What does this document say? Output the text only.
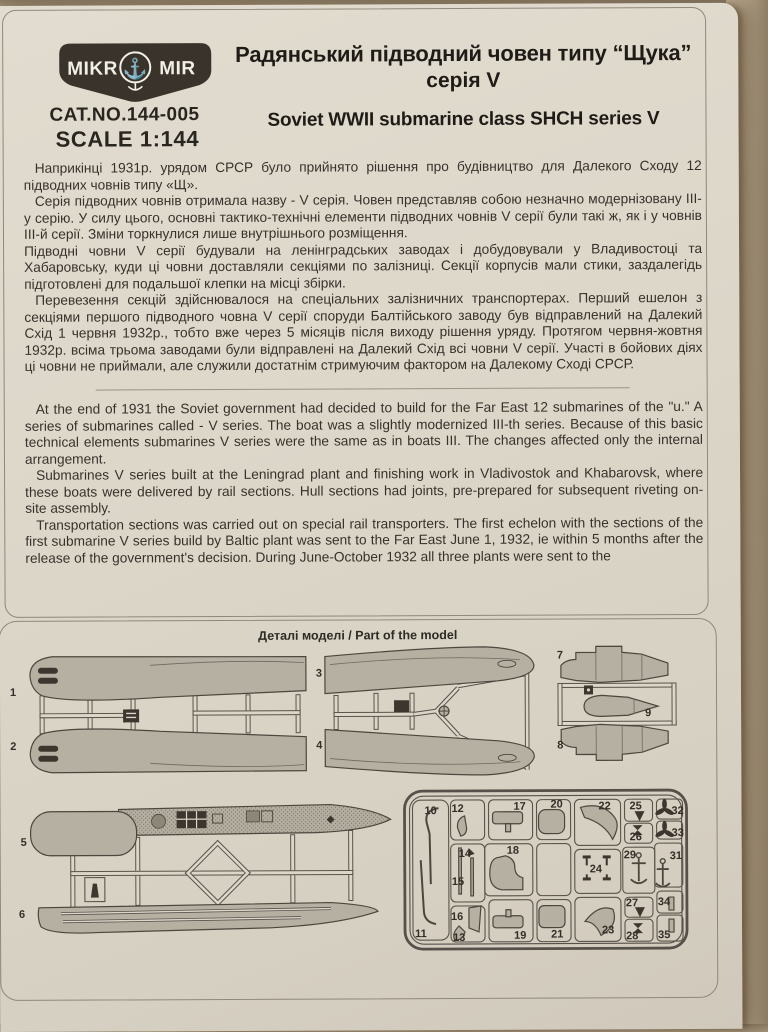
MIKR ⚓ MIR
CAT.NO.144-005
SCALE 1:144
Радянський підводний човен типу “Щука”
серія V
Soviet WWII submarine class SHCH series V

Наприкінці 1931р. урядом СРСР було прийнято рішення про будівництво для Далекого Сходу 12 підводних човнів типу «Щ».

Серія підводних човнів отримала назву - V серія. Човен представляв собою незначно модернізовану III-у серію. У силу цього, основні тактико-технічні елементи підводних човнів V серії були такі ж, як і у човнів III-й серії. Зміни торкнулися лише внутрішнього розміщення.

Підводні човни V серії будували на ленінградських заводах і добудовували у Владивостоці та Хабаровську, куди ці човни доставляли секціями по залізниці. Секції корпусів мали стики, заздалегідь підготовлені для подальшої клепки на місці збірки.

Перевезення секцій здійснювалося на спеціальних залізничних транспортерах. Перший ешелон з секціями першого підводного човна V серії споруди Балтійського заводу був відправлений на Далекий Схід 1 червня 1932р., тобто вже через 5 місяців після виходу рішення уряду. Протягом червня-жовтня 1932р. всіма трьома заводами були відправлені на Далекий Схід всі човни V серії. Участі в бойових діях ці човни не приймали, але служили достатнім стримуючим фактором на Далекому Сході СРСР.

At the end of 1931 the Soviet government had decided to build for the Far East 12 submarines of the "u." A series of submarines called - V series. The boat was a slightly modernized III-th series. Because of this basic technical elements submarines V series were the same as in boats III. The changes affected only the internal arrangement.

Submarines V series built at the Leningrad plant and finishing work in Vladivostok and Khabarovsk, where these boats were delivered by rail sections. Hull sections had joints, pre-prepared for subsequent riveting on-site assembly.

Transportation sections was carried out on special rail transporters. The first echelon with the sections of the first submarine V series build by Baltic plant was sent to the Far East June 1, 1932, ie within 5 months after the release of the government's decision. During June-October 1932 all three plants were sent to the

Деталі моделі / Part of the model
1
2
3
4
7
9
8
5
6
10
11
12
14
15
16
13
17
18
19
20
21
22
24
23
25
26
29
27
28
32
33
31
34
35
